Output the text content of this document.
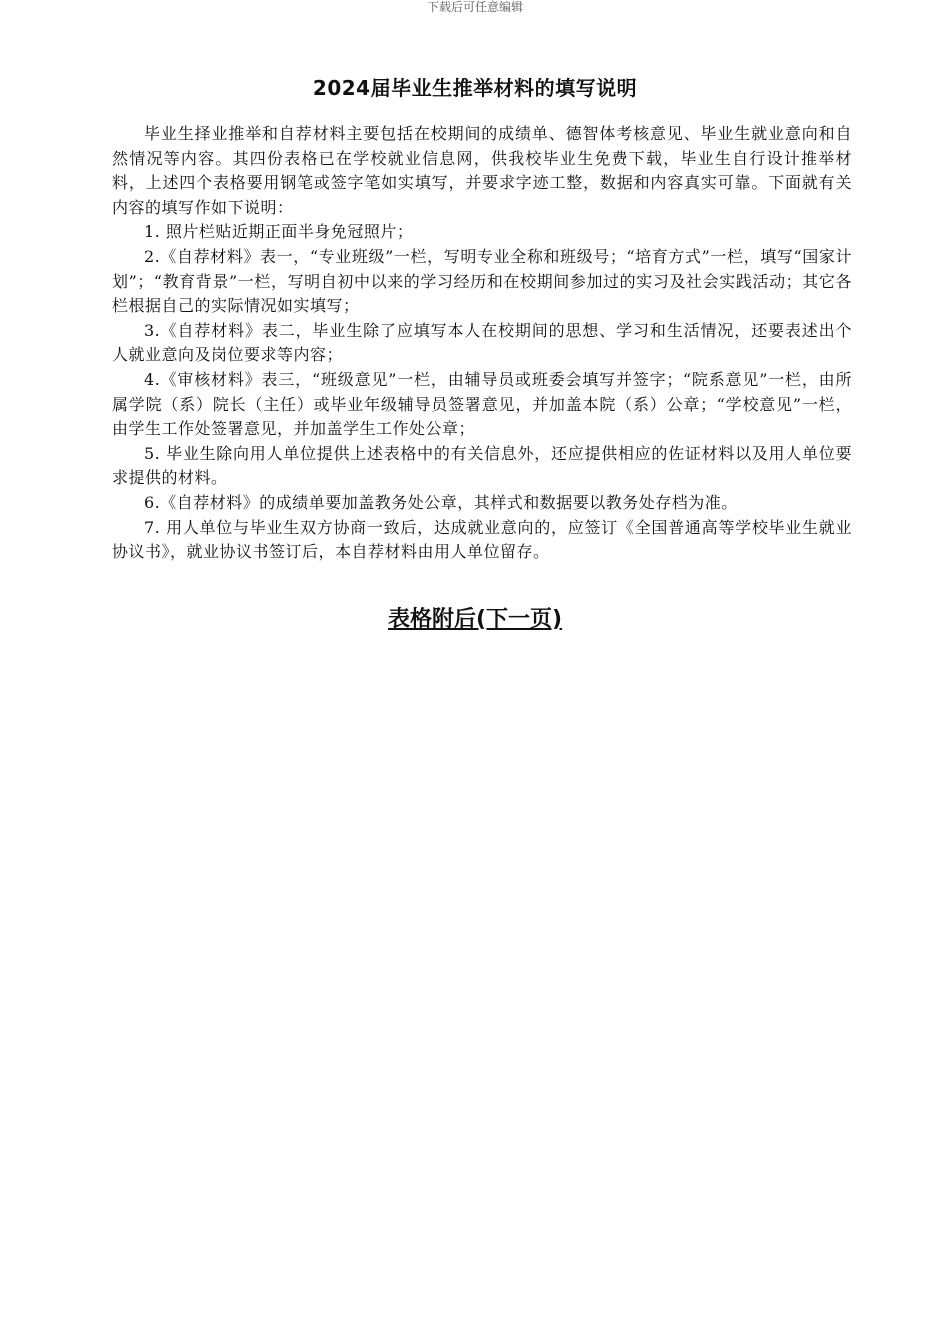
下载后可任意编辑
2024届毕业生推举材料的填写说明

毕业生择业推举和自荐材料主要包括在校期间的成绩单、德智体考核意见、毕业生就业意向和自然情况等内容。其四份表格已在学校就业信息网，供我校毕业生免费下载，毕业生自行设计推举材料，上述四个表格要用钢笔或签字笔如实填写，并要求字迹工整，数据和内容真实可靠。下面就有关内容的填写作如下说明：

1. 照片栏贴近期正面半身免冠照片；

2.《自荐材料》表一，“专业班级”一栏，写明专业全称和班级号；“培育方式”一栏，填写“国家计划”；“教育背景”一栏，写明自初中以来的学习经历和在校期间参加过的实习及社会实践活动；其它各栏根据自己的实际情况如实填写；

3.《自荐材料》表二，毕业生除了应填写本人在校期间的思想、学习和生活情况，还要表述出个人就业意向及岗位要求等内容；

4.《审核材料》表三，“班级意见”一栏，由辅导员或班委会填写并签字；“院系意见”一栏，由所属学院（系）院长（主任）或毕业年级辅导员签署意见，并加盖本院（系）公章；“学校意见”一栏，由学生工作处签署意见，并加盖学生工作处公章；

5. 毕业生除向用人单位提供上述表格中的有关信息外，还应提供相应的佐证材料以及用人单位要求提供的材料。

6.《自荐材料》的成绩单要加盖教务处公章，其样式和数据要以教务处存档为准。

7. 用人单位与毕业生双方协商一致后，达成就业意向的，应签订《全国普通高等学校毕业生就业协议书》，就业协议书签订后，本自荐材料由用人单位留存。

表格附后(下一页)
